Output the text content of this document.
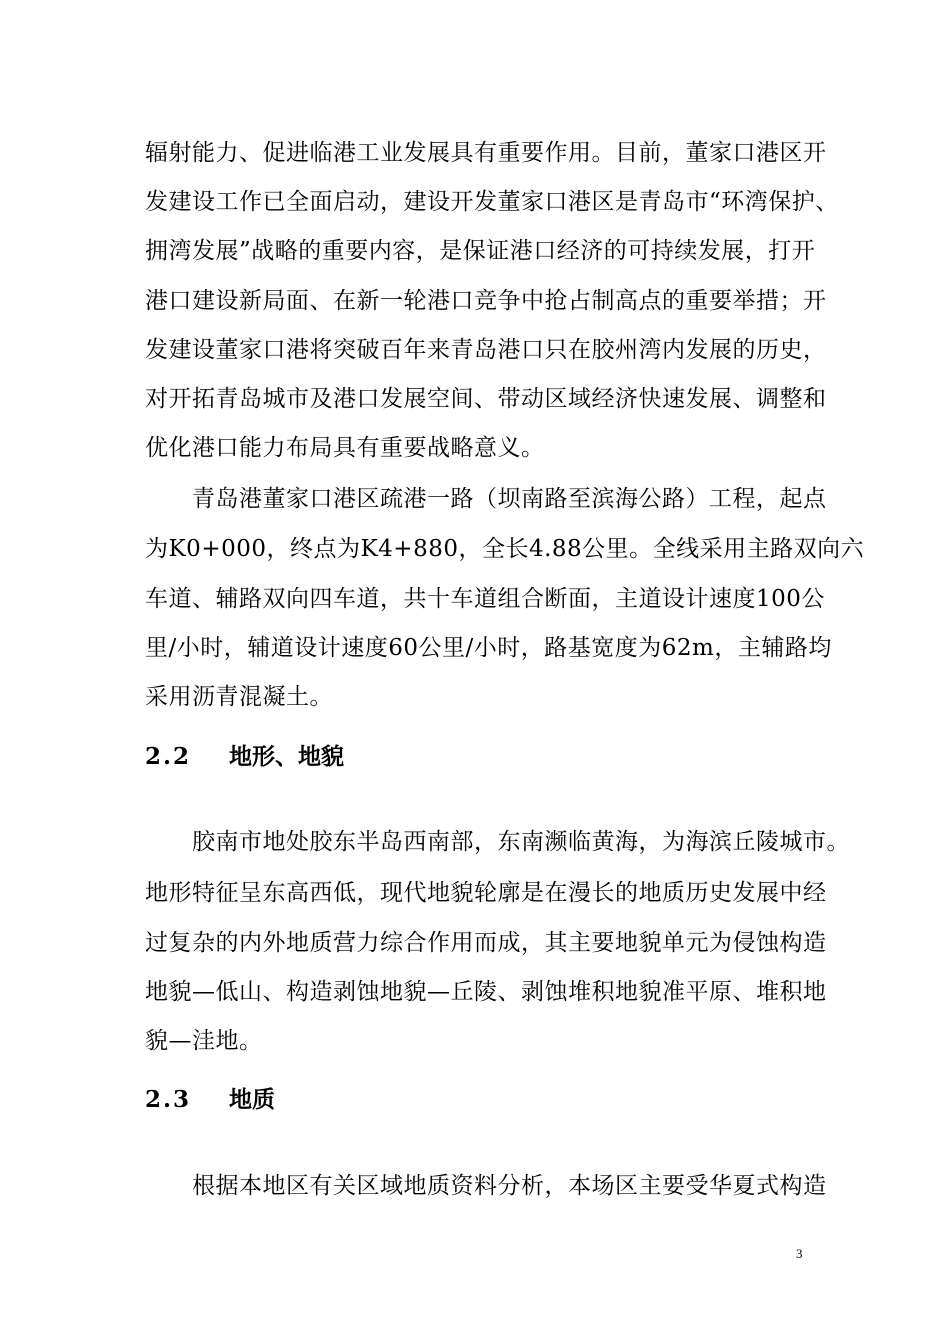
辐射能力、促进临港工业发展具有重要作用。目前，董家口港区开
发建设工作已全面启动，建设开发董家口港区是青岛市“环湾保护、
拥湾发展”战略的重要内容，是保证港口经济的可持续发展，打开
港口建设新局面、在新一轮港口竞争中抢占制高点的重要举措；开
发建设董家口港将突破百年来青岛港口只在胶州湾内发展的历史，
对开拓青岛城市及港口发展空间、带动区域经济快速发展、调整和
优化港口能力布局具有重要战略意义。
青岛港董家口港区疏港一路（坝南路至滨海公路）工程，起点
为K0+000，终点为K4+880，全长4.88公里。全线采用主路双向六
车道、辅路双向四车道，共十车道组合断面，主道设计速度100公
里/小时，辅道设计速度60公里/小时，路基宽度为62m，主辅路均
采用沥青混凝土。
2.2 地形、地貌
胶南市地处胶东半岛西南部，东南濒临黄海，为海滨丘陵城市。
地形特征呈东高西低，现代地貌轮廓是在漫长的地质历史发展中经
过复杂的内外地质营力综合作用而成，其主要地貌单元为侵蚀构造
地貌—低山、构造剥蚀地貌—丘陵、剥蚀堆积地貌准平原、堆积地
貌—洼地。
2.3 地质
根据本地区有关区域地质资料分析，本场区主要受华夏式构造
3
